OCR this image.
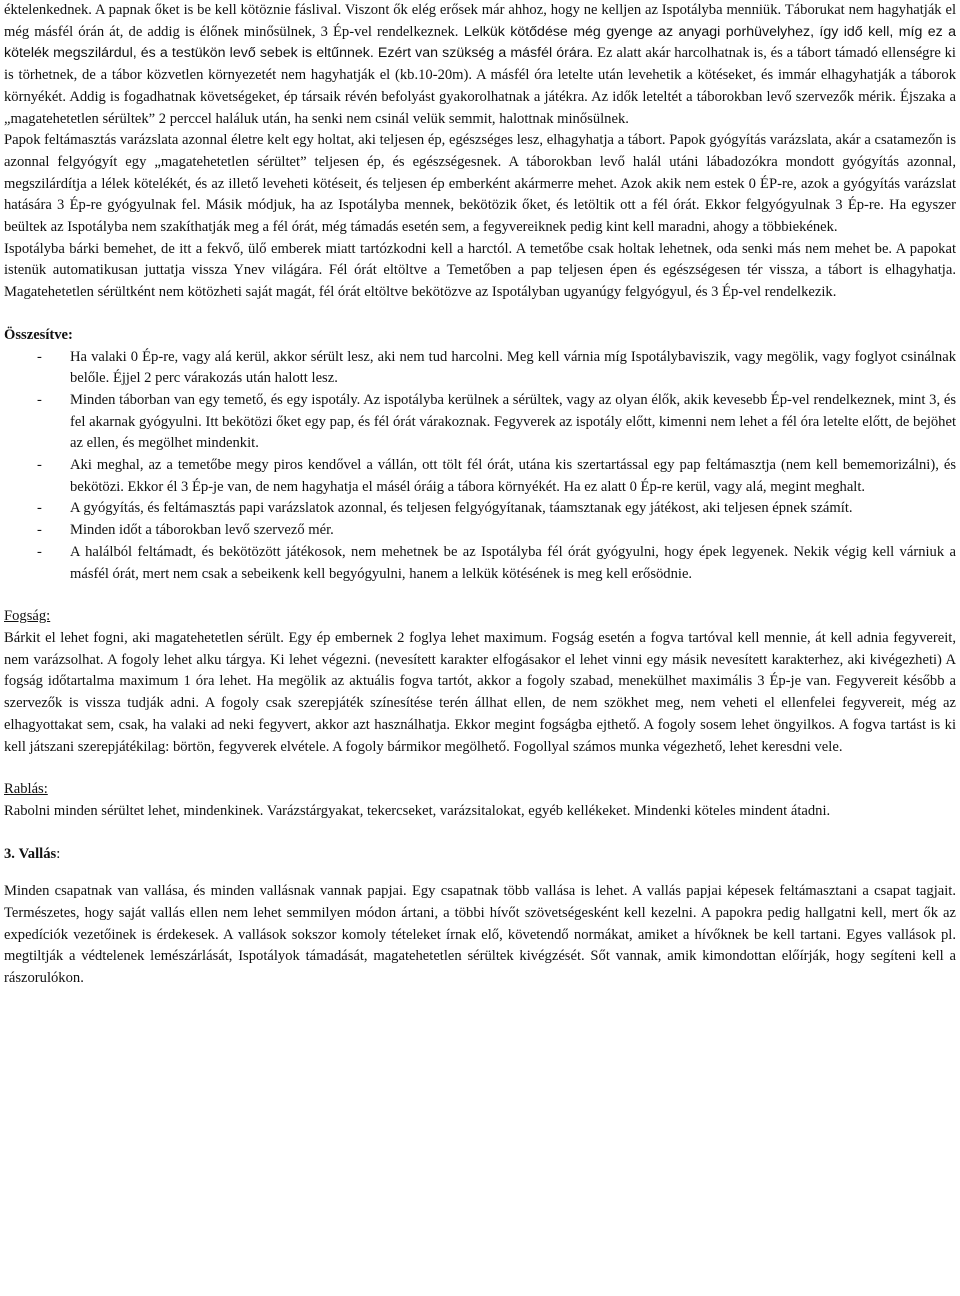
éktelenkednek. A papnak őket is be kell kötöznie fáslival. Viszont ők elég erősek már ahhoz, hogy ne kelljen az Ispotályba menniük. Táborukat nem hagyhatják el még másfél órán át, de addig is élőnek minősülnek, 3 Ép-vel rendelkeznek. Lelkük kötődése még gyenge az anyagi porhüvelyhez, így idő kell, míg ez a kötelék megszilárdul, és a testükön levő sebek is eltűnnek. Ezért van szükség a másfél órára. Ez alatt akár harcolhatnak is, és a tábort támadó ellenségre ki is törhetnek, de a tábor közvetlen környezetét nem hagyhatják el (kb.10-20m). A másfél óra letelte után levehetik a kötéseket, és immár elhagyhatják a táborok környékét. Addig is fogadhatnak követségeket, ép társaik révén befolyást gyakorolhatnak a játékra. Az idők leteltét a táborokban levő szervezők mérik. Éjszaka a „magatehetetlen sérültek” 2 perccel haláluk után, ha senki nem csinál velük semmit, halottnak minősülnek.

Papok feltámasztás varázslata azonnal életre kelt egy holtat, aki teljesen ép, egészséges lesz, elhagyhatja a tábort. Papok gyógyítás varázslata, akár a csatamezőn is azonnal felgyógyít egy „magatehetetlen sérültet” teljesen ép, és egészségesnek. A táborokban levő halál utáni lábadozókra mondott gyógyítás azonnal, megszilárdítja a lélek kötelékét, és az illető leveheti kötéseit, és teljesen ép emberként akármerre mehet. Azok akik nem estek 0 ÉP-re, azok a gyógyítás varázslat hatására 3 Ép-re gyógyulnak fel. Másik módjuk, ha az Ispotályba mennek, bekötözik őket, és letöltik ott a fél órát. Ekkor felgyógyulnak 3 Ép-re. Ha egyszer beültek az Ispotályba nem szakíthatják meg a fél órát, még támadás esetén sem, a fegyvereiknek pedig kint kell maradni, ahogy a többiekének.

Ispotályba bárki bemehet, de itt a fekvő, ülő emberek miatt tartózkodni kell a harctól. A temetőbe csak holtak lehetnek, oda senki más nem mehet be. A papokat istenük automatikusan juttatja vissza Ynev világára. Fél órát eltöltve a Temetőben a pap teljesen épen és egészségesen tér vissza, a tábort is elhagyhatja. Magatehetetlen sérültként nem kötözheti saját magát, fél órát eltöltve bekötözve az Ispotályban ugyanúgy felgyógyul, és 3 Ép-vel rendelkezik.

Összesítve:

- Ha valaki 0 Ép-re, vagy alá kerül, akkor sérült lesz, aki nem tud harcolni. Meg kell várnia míg Ispotálybaviszik, vagy megölik, vagy foglyot csinálnak belőle. Éjjel 2 perc várakozás után halott lesz.
- Minden táborban van egy temető, és egy ispotály. Az ispotályba kerülnek a sérültek, vagy az olyan élők, akik kevesebb Ép-vel rendelkeznek, mint 3, és fel akarnak gyógyulni. Itt bekötözi őket egy pap, és fél órát várakoznak. Fegyverek az ispotály előtt, kimenni nem lehet a fél óra letelte előtt, de bejöhet az ellen, és megölhet mindenkit.
- Aki meghal, az a temetőbe megy piros kendővel a vállán, ott tölt fél órát, utána kis szertartással egy pap feltámasztja (nem kell bememorizálni), és bekötözi. Ekkor él 3 Ép-je van, de nem hagyhatja el másél óráig a tábora környékét. Ha ez alatt 0 Ép-re kerül, vagy alá, megint meghalt.
- A gyógyítás, és feltámasztás papi varázslatok azonnal, és teljesen felgyógyítanak, táamsztanak egy játékost, aki teljesen épnek számít.
- Minden időt a táborokban levő szervező mér.
- A halálból feltámadt, és bekötözött játékosok, nem mehetnek be az Ispotályba fél órát gyógyulni, hogy épek legyenek. Nekik végig kell várniuk a másfél órát, mert nem csak a sebeikenk kell begyógyulni, hanem a lelkük kötésének is meg kell erősödnie.

Fogság:

Bárkit el lehet fogni, aki magatehetetlen sérült. Egy ép embernek 2 foglya lehet maximum. Fogság esetén a fogva tartóval kell mennie, át kell adnia fegyvereit, nem varázsolhat. A fogoly lehet alku tárgya. Ki lehet végezni. (nevesített karakter elfogásakor el lehet vinni egy másik nevesített karakterhez, aki kivégezheti) A fogság időtartalma maximum 1 óra lehet. Ha megölik az aktuális fogva tartót, akkor a fogoly szabad, menekülhet maximális 3 Ép-je van. Fegyvereit később a szervezők is vissza tudják adni. A fogoly csak szerepjáték színesítése terén állhat ellen, de nem szökhet meg, nem veheti el ellenfelei fegyvereit, még az elhagyottakat sem, csak, ha valaki ad neki fegyvert, akkor azt használhatja. Ekkor megint fogságba ejthető. A fogoly sosem lehet öngyilkos. A fogva tartást is ki kell játszani szerepjátékilag: börtön, fegyverek elvétele. A fogoly bármikor megölhető. Fogollyal számos munka végezhető, lehet keresdni vele.

Rablás:

Rabolni minden sérültet lehet, mindenkinek. Varázstárgyakat, tekercseket, varázsitalokat, egyéb kellékeket. Mindenki köteles mindent átadni.

3. Vallás:

Minden csapatnak van vallása, és minden vallásnak vannak papjai. Egy csapatnak több vallása is lehet. A vallás papjai képesek feltámasztani a csapat tagjait. Természetes, hogy saját vallás ellen nem lehet semmilyen módon ártani, a többi hívőt szövetségesként kell kezelni. A papokra pedig hallgatni kell, mert ők az expedíciók vezetőinek is érdekesek. A vallások sokszor komoly tételeket írnak elő, követendő normákat, amiket a hívőknek be kell tartani. Egyes vallások pl. megtiltják a védtelenek lemészárlását, Ispotályok támadását, magatehetetlen sérültek kivégzését. Sőt vannak, amik kimondottan előírják, hogy segíteni kell a rászorulókon.
